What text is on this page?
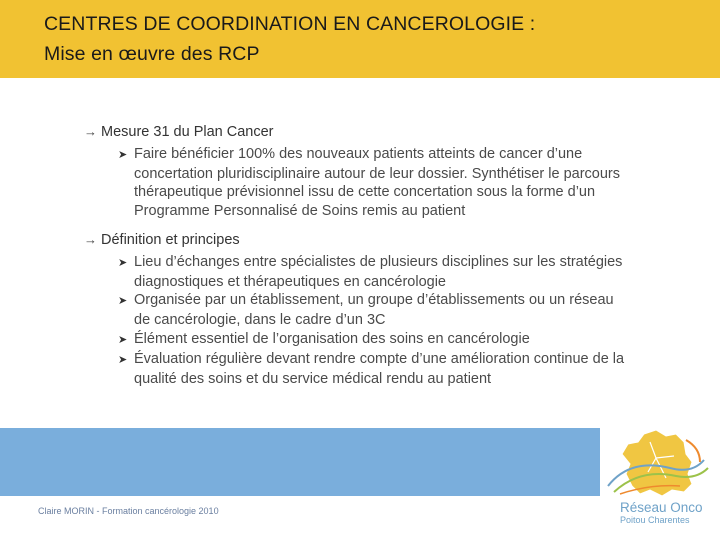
CENTRES DE COORDINATION EN CANCEROLOGIE :
Mise en œuvre des RCP
→ Mesure 31 du Plan Cancer
➤ Faire bénéficier 100% des nouveaux patients atteints de cancer d’une
concertation pluridisciplinaire autour de leur dossier. Synthétiser le parcours
thérapeutique prévisionnel issu de cette concertation sous la forme d’un
Programme Personnalisé de Soins remis au patient
→ Définition et principes
➤ Lieu d’échanges entre spécialistes de plusieurs disciplines sur les stratégies
diagnostiques et thérapeutiques en cancérologie
➤ Organisée par un établissement, un groupe d’établissements ou un réseau
de cancérologie, dans le cadre d’un 3C
➤ Élément essentiel de l’organisation des soins en cancérologie
➤ Évaluation régulière devant rendre compte d’une amélioration continue de la
qualité des soins et du service médical rendu au patient
Claire MORIN - Formation cancérologie 2010	Réseau Onco
Poitou Charentes
